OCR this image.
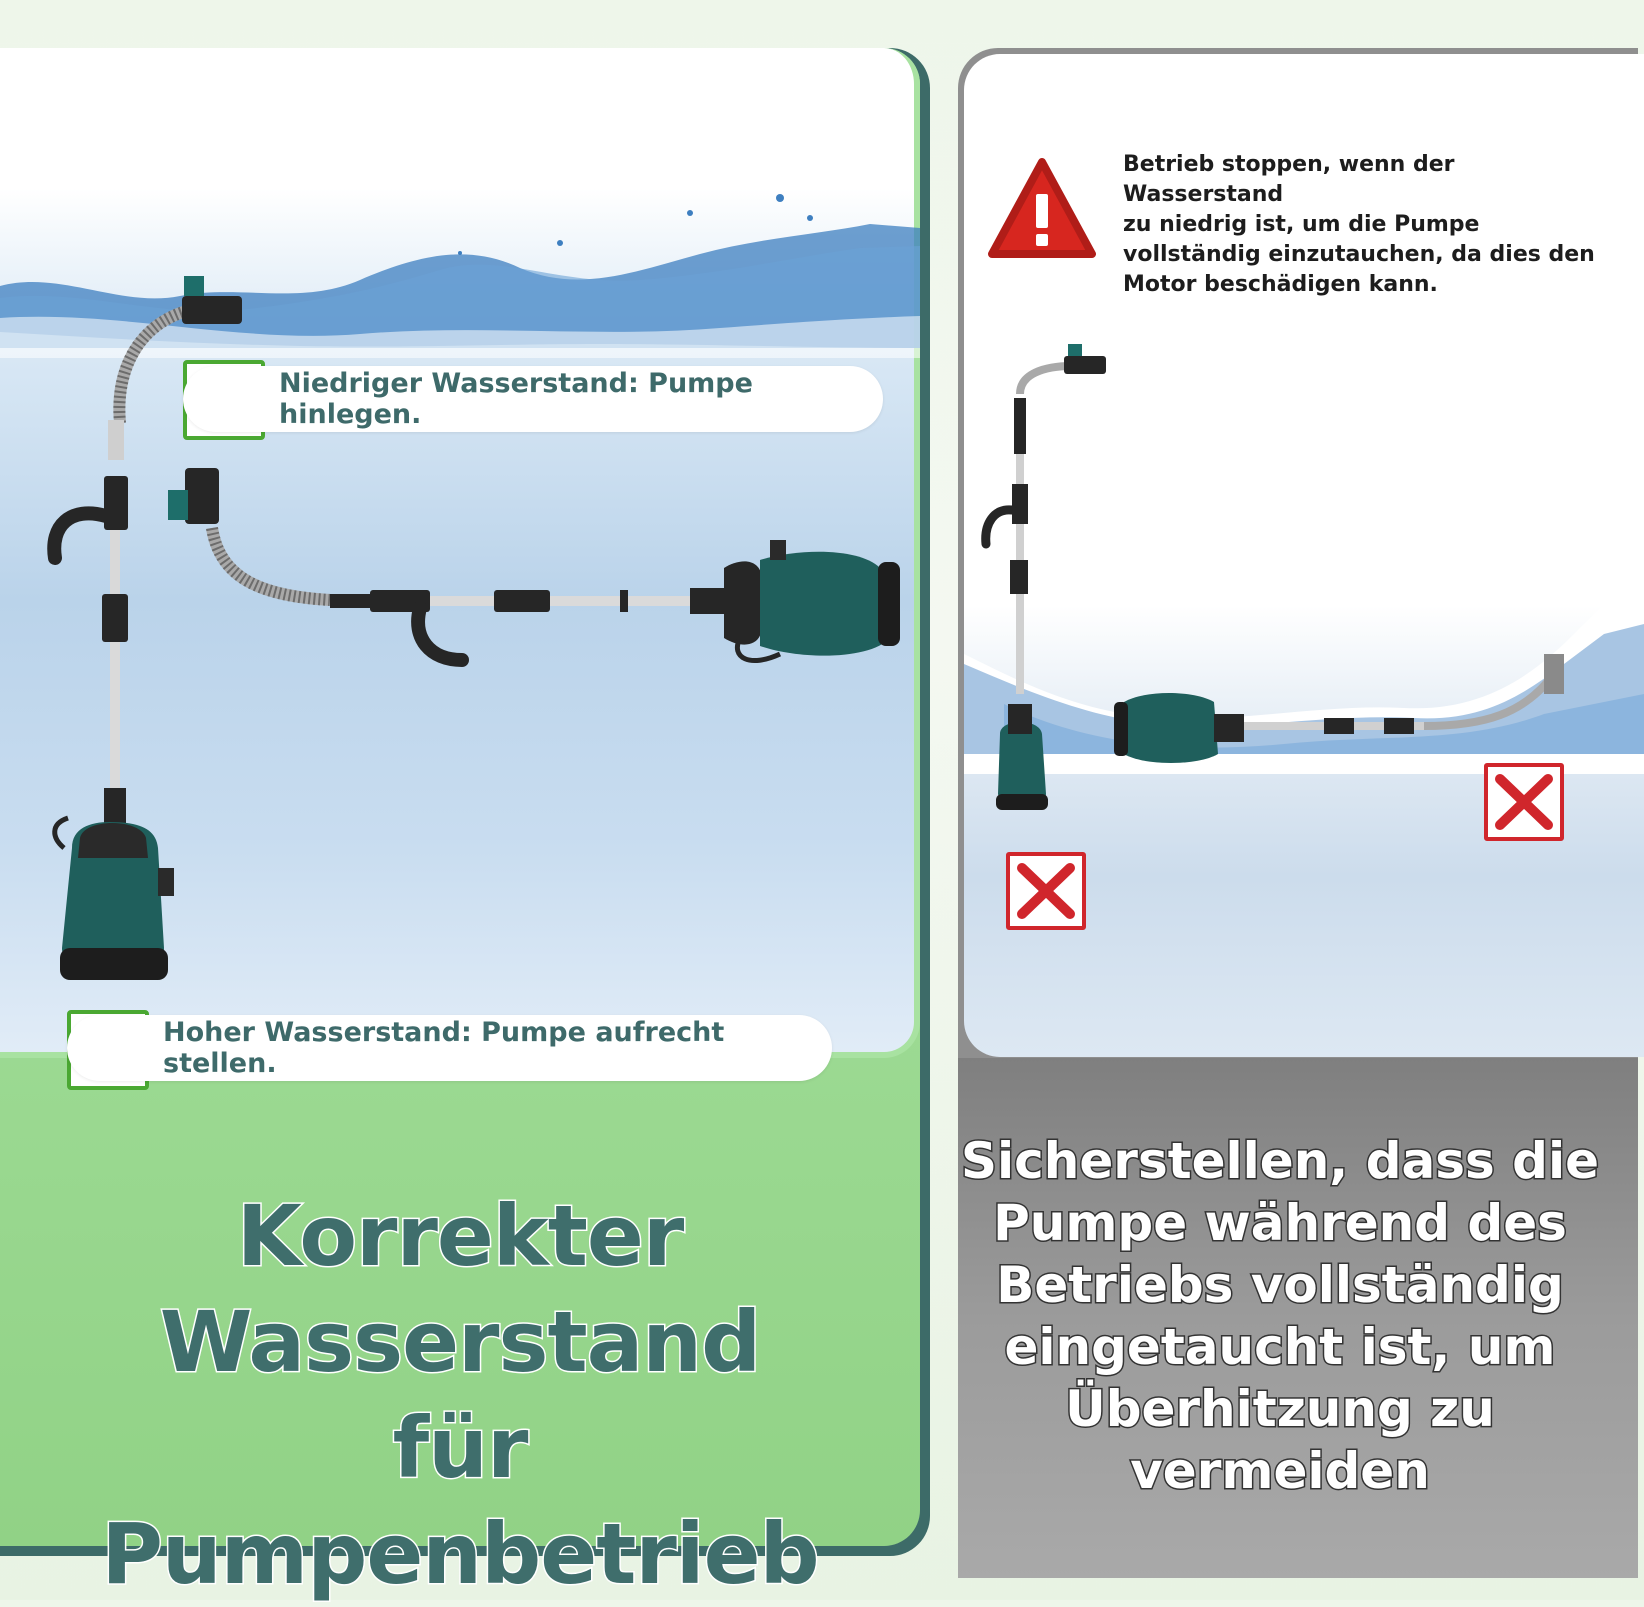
Niedriger Wasserstand: Pumpe hinlegen.
Hoher Wasserstand: Pumpe aufrecht stellen.
Korrekter Wasserstand
für
Pumpenbetrieb
Betrieb stoppen, wenn der Wasserstand
zu niedrig ist, um die Pumpe
vollständig einzutauchen, da dies den
Motor beschädigen kann.
Sicherstellen, dass die
Pumpe während des
Betriebs vollständig
eingetaucht ist, um
Überhitzung zu
vermeiden
